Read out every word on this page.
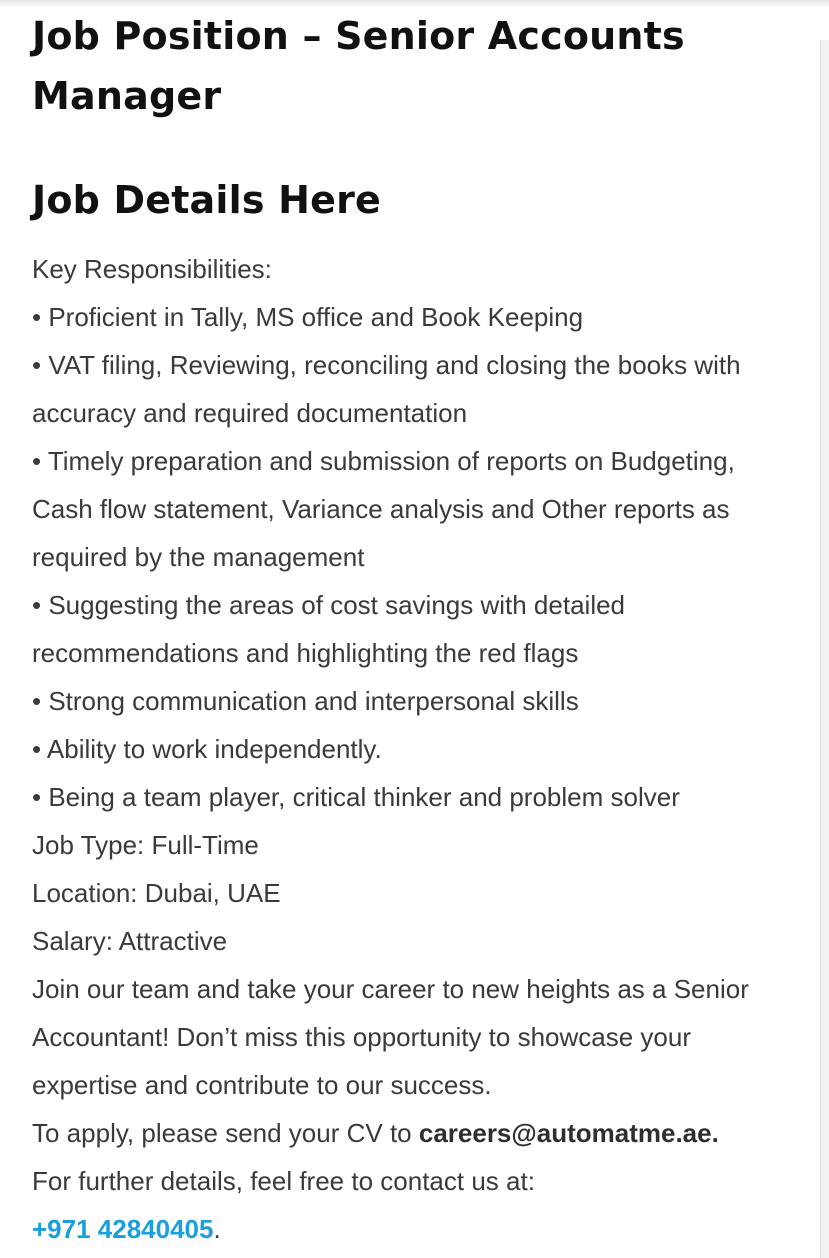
Job Position – Senior Accounts Manager
Job Details Here
Key Responsibilities:
• Proficient in Tally, MS office and Book Keeping
• VAT filing, Reviewing, reconciling and closing the books with accuracy and required documentation
• Timely preparation and submission of reports on Budgeting, Cash flow statement, Variance analysis and Other reports as required by the management
• Suggesting the areas of cost savings with detailed recommendations and highlighting the red flags
• Strong communication and interpersonal skills
• Ability to work independently.
• Being a team player, critical thinker and problem solver
Job Type: Full-Time
Location: Dubai, UAE
Salary: Attractive
Join our team and take your career to new heights as a Senior Accountant! Don’t miss this opportunity to showcase your expertise and contribute to our success.
To apply, please send your CV to careers@automatme.ae.
For further details, feel free to contact us at:
+971 42840405.
